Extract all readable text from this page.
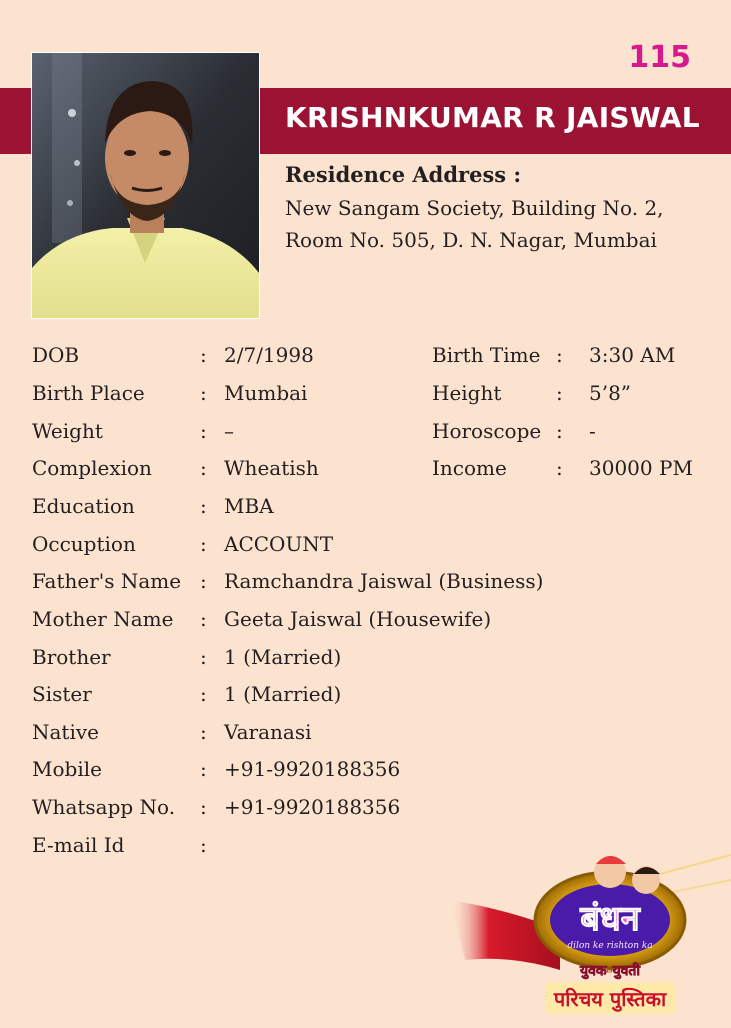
115
KRISHNKUMAR R JAISWAL
Residence Address :
New Sangam Society, Building No. 2,
Room No. 505, D. N. Nagar, Mumbai
DOB	: 2/7/1998	Birth Time : 3:30 AM
Birth Place	: Mumbai	Height	: 5’8”
Weight	: –	Horoscope : -
Complexion : Wheatish	Income : 30000 PM
Education	: MBA
Occuption	: ACCOUNT
Father's Name : Ramchandra Jaiswal (Business)
Mother Name : Geeta Jaiswal (Housewife)
Brother	: 1 (Married)
Sister	: 1 (Married)
Native	: Varanasi
Mobile	: +91-9920188356
Whatsapp No. : +91-9920188356
E-mail Id	:
बंधन
dilon ke rishton ka
युवक-युवती
परिचय पुस्तिका
